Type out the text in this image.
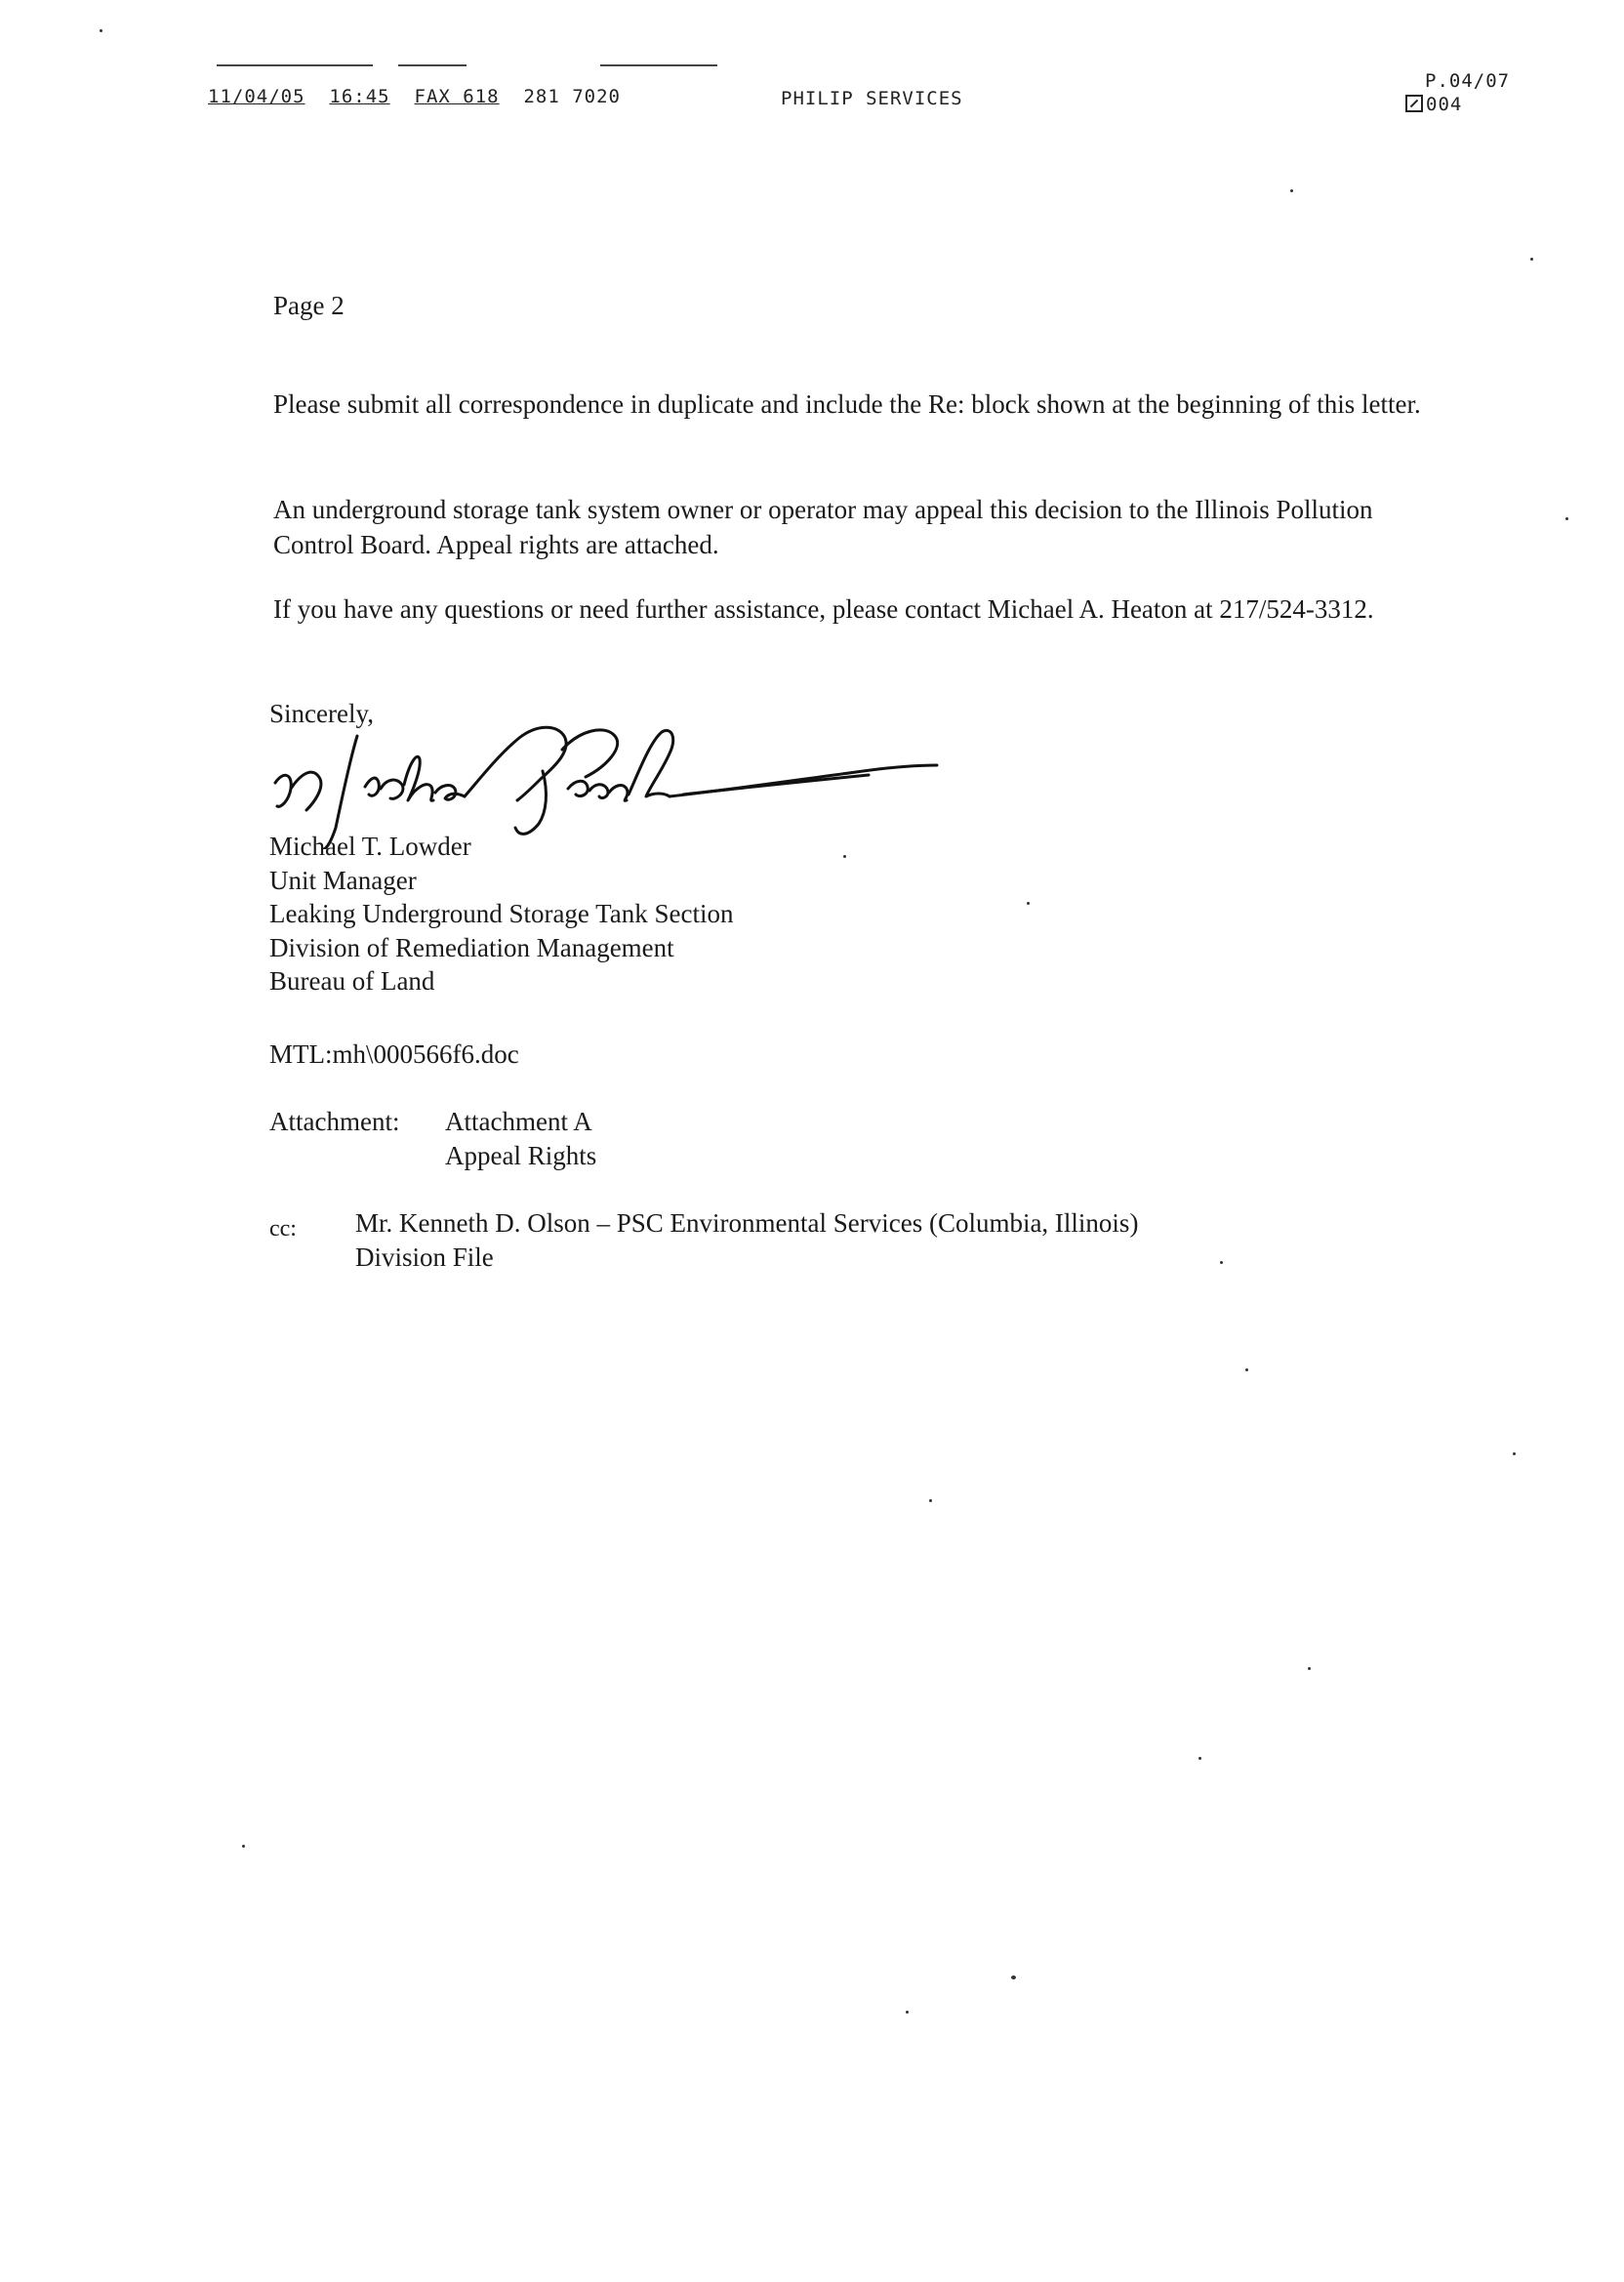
11/04/05 16:45 FAX 618 281 7020	PHILIP SERVICES
P.04/07
004
Page 2
Please submit all correspondence in duplicate and include the Re: block shown at the beginning of this letter.
An underground storage tank system owner or operator may appeal this decision to the Illinois Pollution Control Board. Appeal rights are attached.
If you have any questions or need further assistance, please contact Michael A. Heaton at 217/524-3312.
Sincerely,
Michael T. Lowder
Unit Manager
Leaking Underground Storage Tank Section
Division of Remediation Management
Bureau of Land
MTL:mh\000566f6.doc
Attachment: Attachment A
Appeal Rights
cc: Mr. Kenneth D. Olson – PSC Environmental Services (Columbia, Illinois)
Division File
